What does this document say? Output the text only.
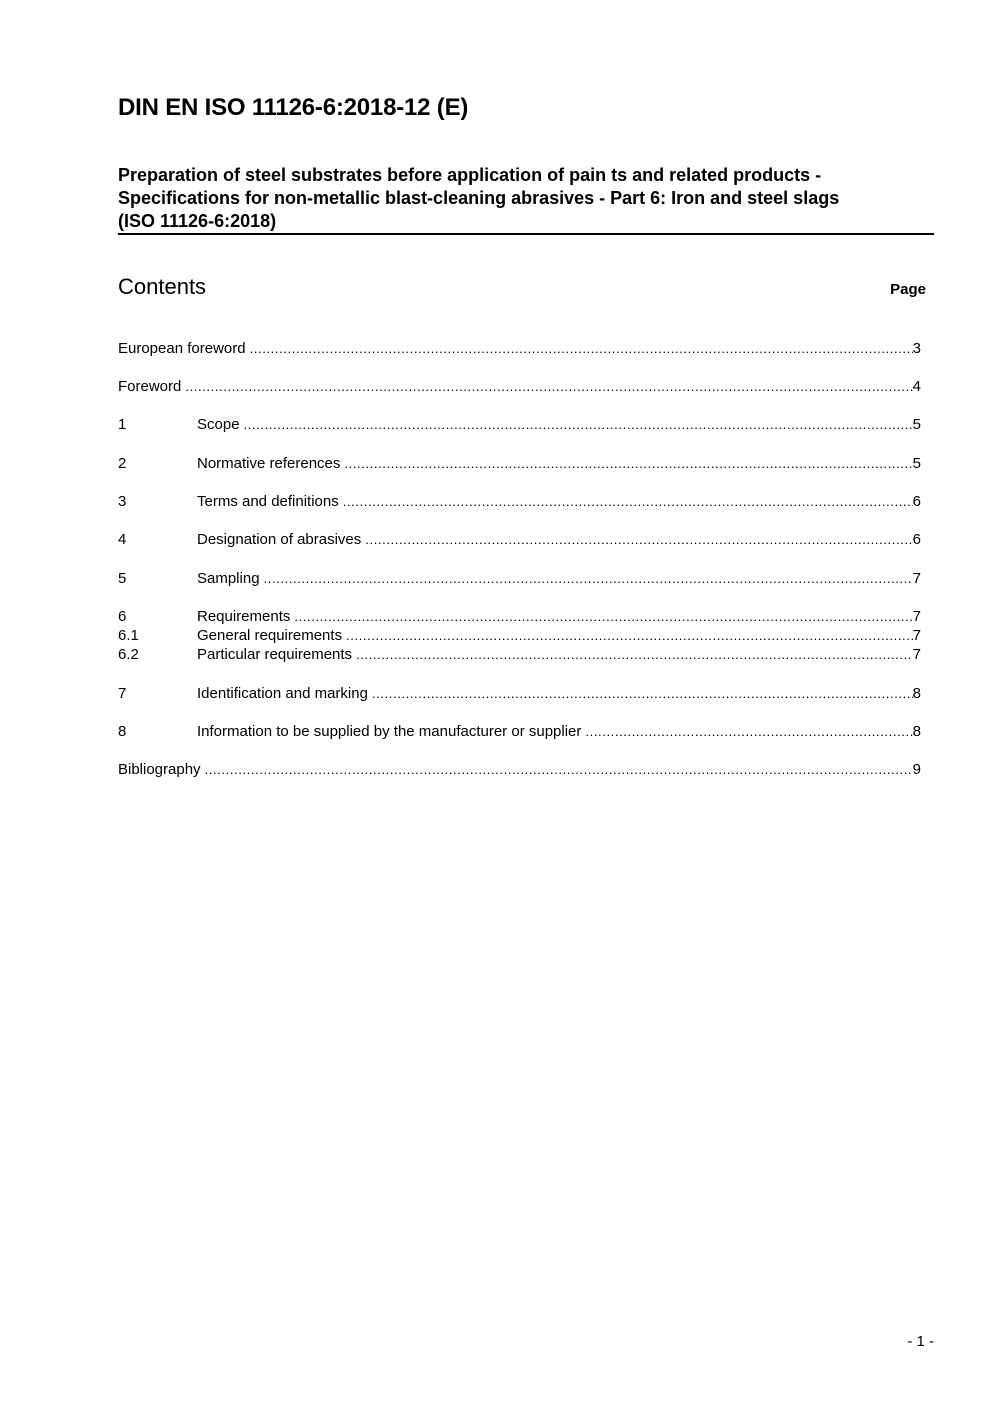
DIN EN ISO 11126-6:2018-12 (E)
Preparation of steel substrates before application of pain ts and related products -
Specifications for non-metallic blast-cleaning abrasives - Part 6: Iron and steel slags
(ISO 11126-6:2018)
Contents	Page
European foreword .....	3
Foreword .....	4
1	Scope .....	5
2	Normative references .....	5
3	Terms and definitions .....	6
4	Designation of abrasives .....	6
5	Sampling .....	7
6	Requirements .....	7
6.1	General requirements .....	7
6.2	Particular requirements .....	7
7	Identification and marking .....	8
8	Information to be supplied by the manufacturer or supplier .....	8
Bibliography .....	9
- 1 -
